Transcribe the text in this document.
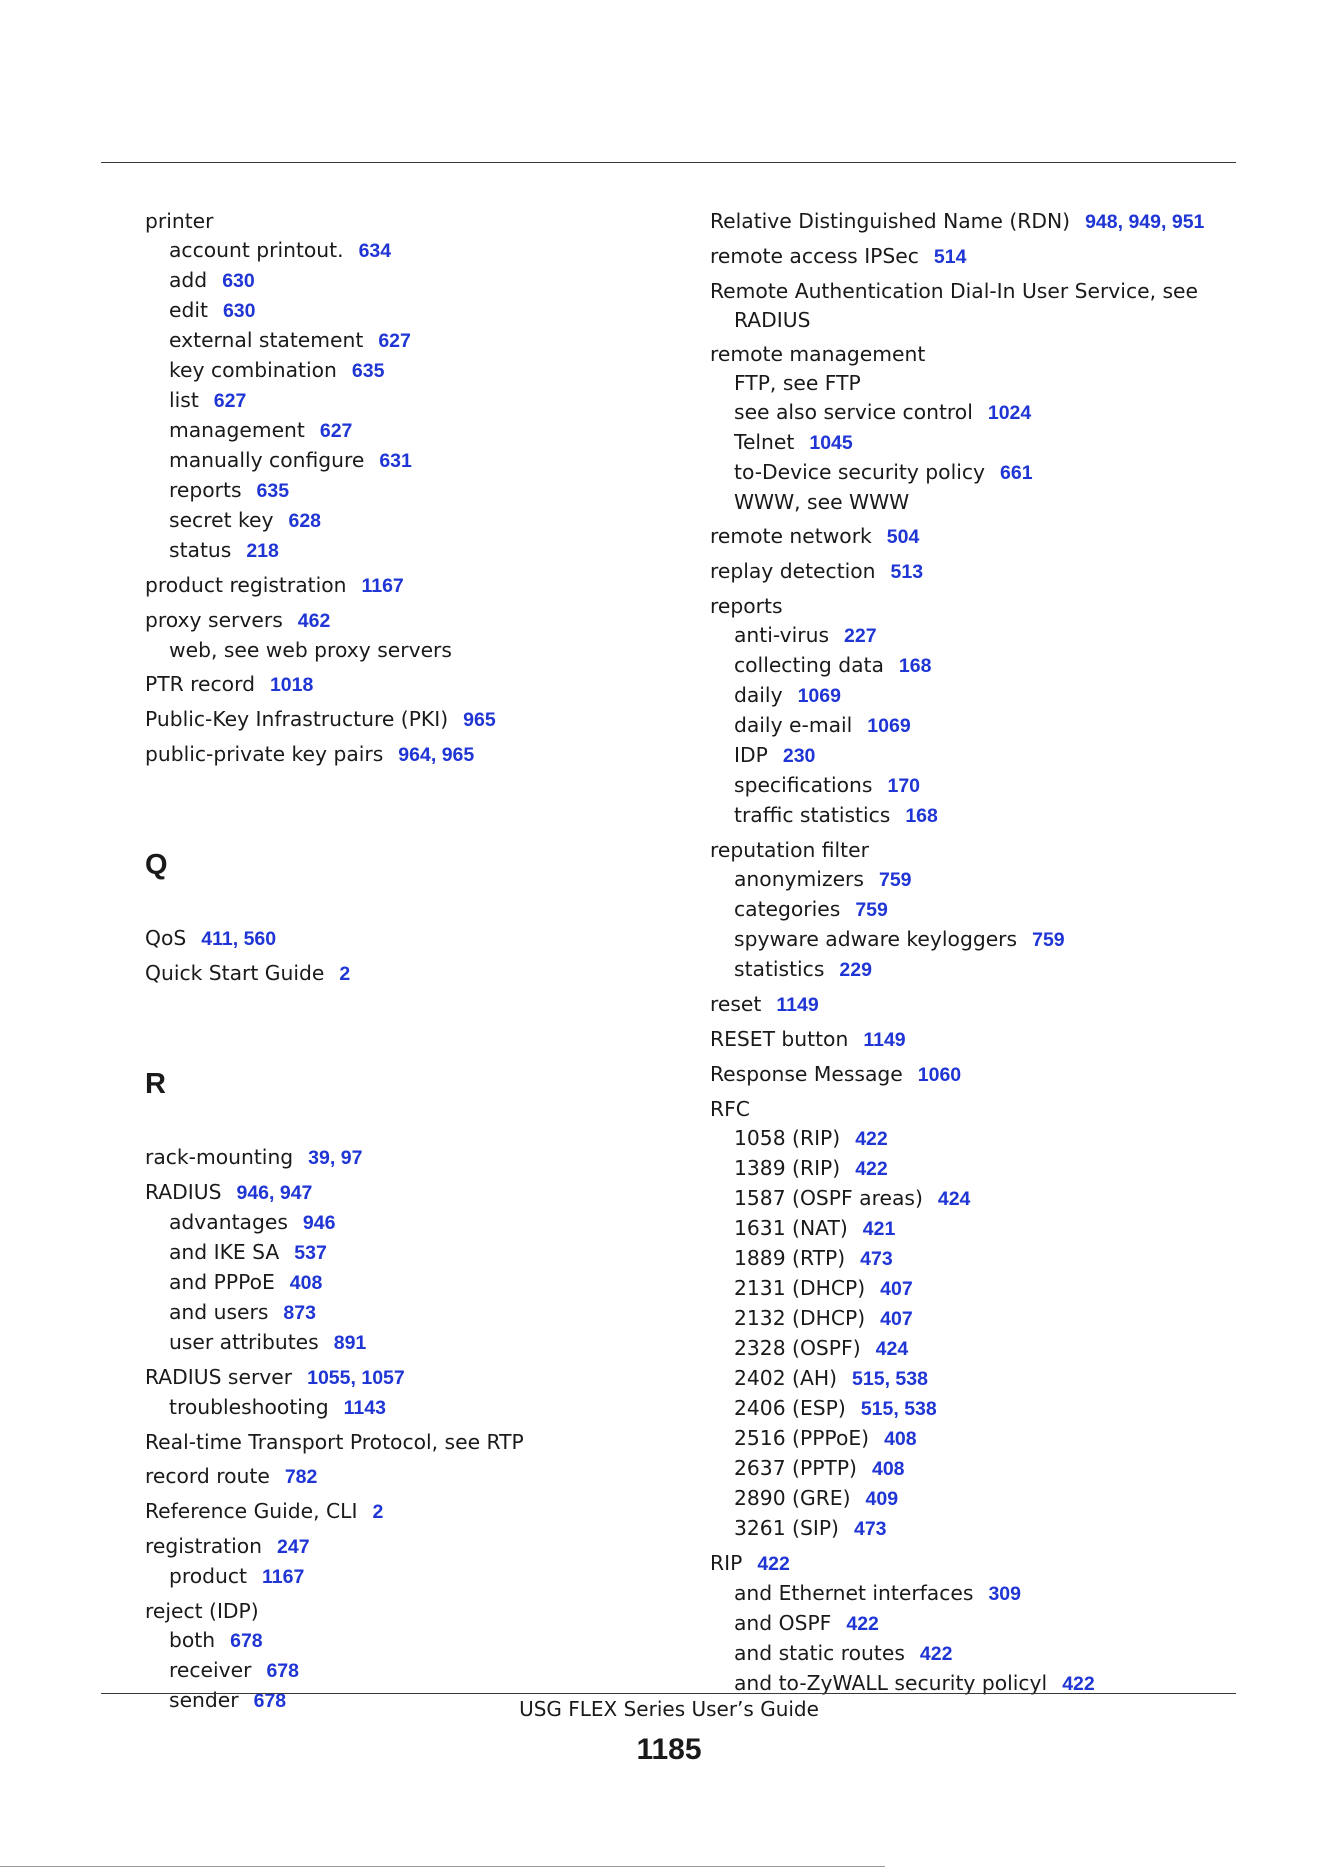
printer
account printout. 634
add 630
edit 630
external statement 627
key combination 635
list 627
management 627
manually configure 631
reports 635
secret key 628
status 218
product registration 1167
proxy servers 462
web, see web proxy servers
PTR record 1018
Public-Key Infrastructure (PKI) 965
public-private key pairs 964, 965
Q
QoS 411, 560
Quick Start Guide 2
R
rack-mounting 39, 97
RADIUS 946, 947
advantages 946
and IKE SA 537
and PPPoE 408
and users 873
user attributes 891
RADIUS server 1055, 1057
troubleshooting 1143
Real-time Transport Protocol, see RTP
record route 782
Reference Guide, CLI 2
registration 247
product 1167
reject (IDP)
both 678
receiver 678
sender 678
Relative Distinguished Name (RDN) 948, 949, 951
remote access IPSec 514
Remote Authentication Dial-In User Service, see
RADIUS
remote management
FTP, see FTP
see also service control 1024
Telnet 1045
to-Device security policy 661
WWW, see WWW
remote network 504
replay detection 513
reports
anti-virus 227
collecting data 168
daily 1069
daily e-mail 1069
IDP 230
specifications 170
traffic statistics 168
reputation filter
anonymizers 759
categories 759
spyware adware keyloggers 759
statistics 229
reset 1149
RESET button 1149
Response Message 1060
RFC
1058 (RIP) 422
1389 (RIP) 422
1587 (OSPF areas) 424
1631 (NAT) 421
1889 (RTP) 473
2131 (DHCP) 407
2132 (DHCP) 407
2328 (OSPF) 424
2402 (AH) 515, 538
2406 (ESP) 515, 538
2516 (PPPoE) 408
2637 (PPTP) 408
2890 (GRE) 409
3261 (SIP) 473
RIP 422
and Ethernet interfaces 309
and OSPF 422
and static routes 422
and to-ZyWALL security policyl 422
USG FLEX Series User’s Guide
1185
